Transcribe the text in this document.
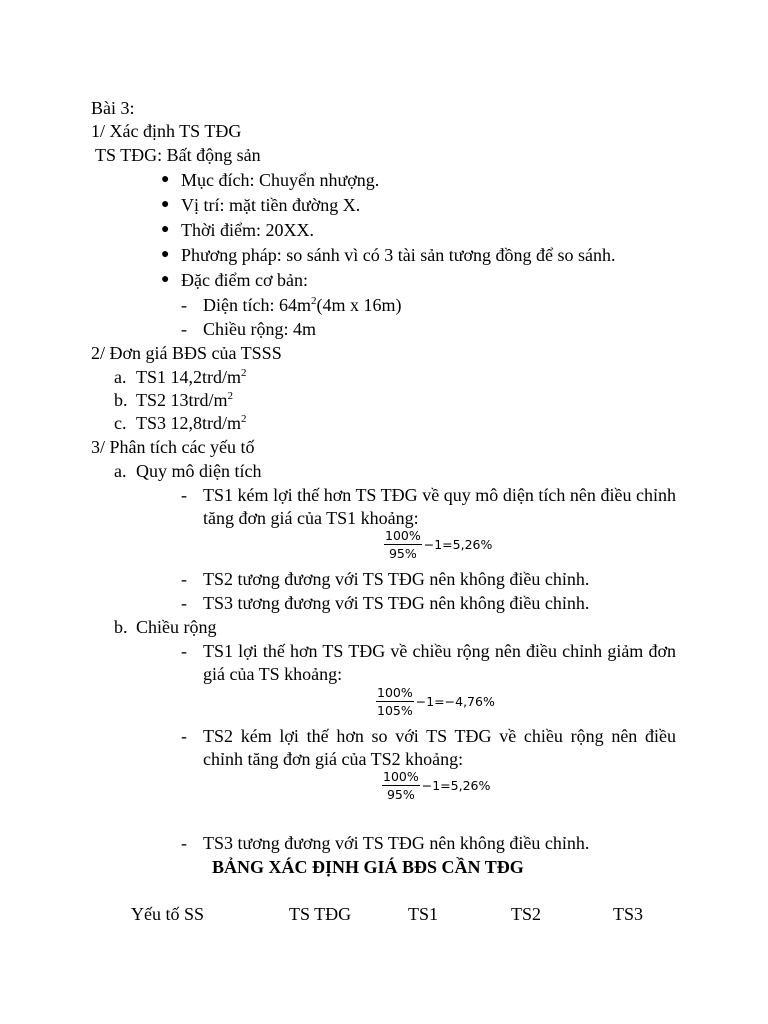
Bài 3:
1/ Xác định TS TĐG
TS TĐG: Bất động sản
● Mục đích: Chuyển nhượng.
● Vị trí: mặt tiền đường X.
● Thời điểm: 20XX.
● Phương pháp: so sánh vì có 3 tài sản tương đồng để so sánh.
● Đặc điểm cơ bản:
- Diện tích: $64m^2(4m$ x 16m)
- Chiều rộng: 4m
2/ Đơn giá BĐS của TSSS
a. TS1 $14,2trd/m^2$
b. TS2 $13trd/m^2$
c. TS3 $12,8trd/m^2$
3/ Phân tích các yếu tố
a. Quy mô diện tích
- TS1 kém lợi thế hơn TS TĐG về quy mô diện tích nên điều chỉnh tăng đơn giá của TS1 khoảng:
$\frac{100\%}{95\%} -1=5,26\%$
- TS2 tương đương với TS TĐG nên không điều chỉnh.
- TS3 tương đương với TS TĐG nên không điều chỉnh.
b. Chiều rộng
- TS1 lợi thế hơn TS TĐG về chiều rộng nên điều chỉnh giảm đơn giá của TS khoảng:
$\frac{100\%}{105\%} -1=-4,76\%$
- TS2 kém lợi thế hơn so với TS TĐG về chiều rộng nên điều chỉnh tăng đơn giá của TS2 khoảng:
$\frac{100\%}{95\%} -1=5,26\%$
- TS3 tương đương với TS TĐG nên không điều chỉnh.
BẢNG XÁC ĐỊNH GIÁ BĐS CẦN TĐG
Yếu tố SS	TS TĐG	TS1	TS2	TS3
